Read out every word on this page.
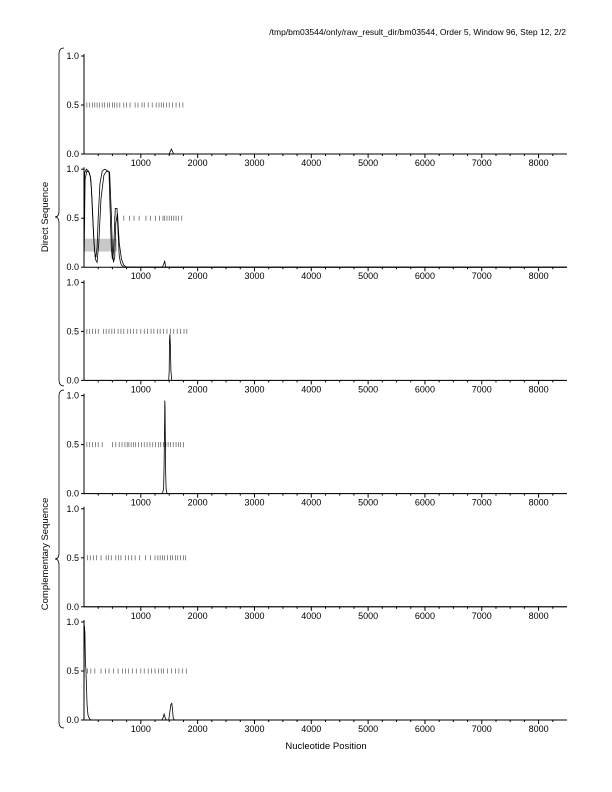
/tmp/bm03544/only/raw_result_dir/bm03544, Order 5, Window 96, Step 12, 2/2
Direct Sequence
Complementary Sequence
0.0
0.5
1.0
1000	2000	3000	4000	5000	6000	7000	8000
0.0
0.5
1.0
1000	2000	3000	4000	5000	6000	7000	8000
0.0
0.5
1.0
1000	2000	3000	4000	5000	6000	7000	8000
0.0
0.5
1.0
1000	2000	3000	4000	5000	6000	7000	8000
0.0
0.5
1.0
1000	2000	3000	4000	5000	6000	7000	8000
0.0
0.5
1.0
1000	2000	3000	4000	5000	6000	7000	8000
Nucleotide Position
